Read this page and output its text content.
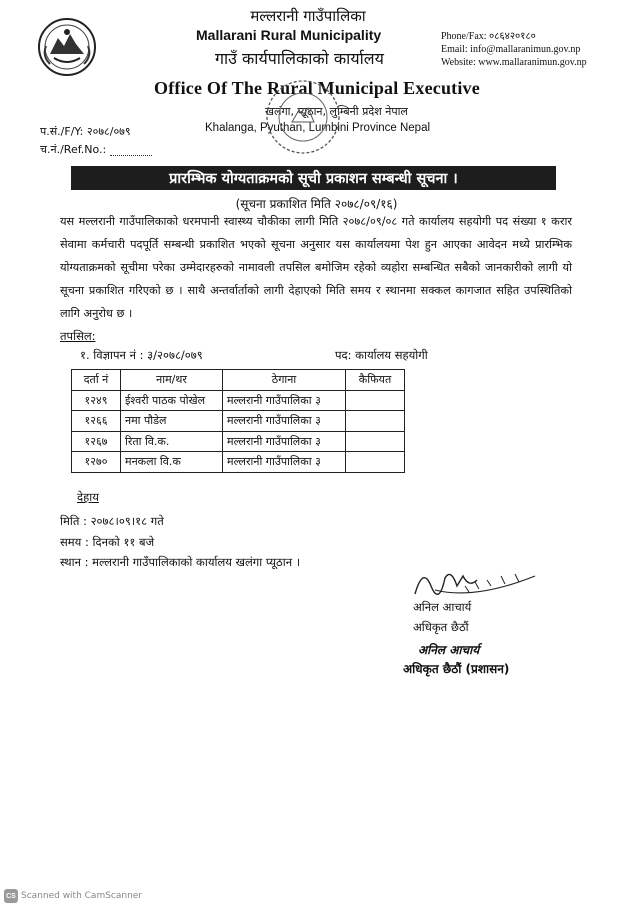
मल्लरानी गाउँपालिका
Mallarani Rural Municipality
गाउँ कार्यपालिकाको कार्यालय
Office Of The Rural Municipal Executive
खलंगा, प्यूठान, लुम्बिनी प्रदेश नेपाल
Khalanga, Pyuthan, Lumbini Province Nepal
Phone/Fax: ०८६४२०१८०
Email: info@mallaranimun.gov.np
Website: www.mallaranimun.gov.np
प.सं./F/Y: २०७८/०७९
च.नं./Ref.No.:
प्रारम्भिक योग्यताक्रमको सूची प्रकाशन सम्बन्धी सूचना ।
(सूचना प्रकाशित मिति २०७८/०९/१६)
यस मल्लरानी गाउँपालिकाको धरमपानी स्वास्थ्य चौकीका लागी मिति २०७८/०९/०८ गते कार्यालय सहयोगी पद संख्या १ करार सेवामा कर्मचारी पदपूर्ति सम्बन्धी प्रकाशित भएको सूचना अनुसार यस कार्यालयमा पेश हुन आएका आवेदन मध्ये प्रारम्भिक योग्यताक्रमको सूचीमा परेका उम्मेदारहरुको नामावली तपसिल बमोजिम रहेको व्यहोरा सम्बन्धित सबैको जानकारीको लागी यो सूचना प्रकाशित गरिएको छ । साथै अन्तर्वार्ताको लागी देहाएको मिति समय र स्थानमा सक्कल कागजात सहित उपस्थितिको लागि अनुरोध छ ।
तपसिल:
१. विज्ञापन नं : ३/२०७८/०७९	पद: कार्यालय सहयोगी
दर्ता नं	नाम/थर	ठेगाना	कैफियत
१२४९	ईश्वरी पाठक पोखेल	मल्लरानी गाउँपालिका ३	
१२६६	नमा पौडेल	मल्लरानी गाउँपालिका ३	
१२६७	रिता वि.क.	मल्लरानी गाउँपालिका ३	
१२७०	मनकला वि.क	मल्लरानी गाउँपालिका ३	
देहाय
मिति : २०७८।०९।१८ गते
समय : दिनको ११ बजे
स्थान : मल्लरानी गाउँपालिकाको कार्यालय खलंगा प्यूठान ।
अनिल आचार्य
अधिकृत छैठौं
अनिल आचार्य
अधिकृत छैठौं (प्रशासन)
CS Scanned with CamScanner
